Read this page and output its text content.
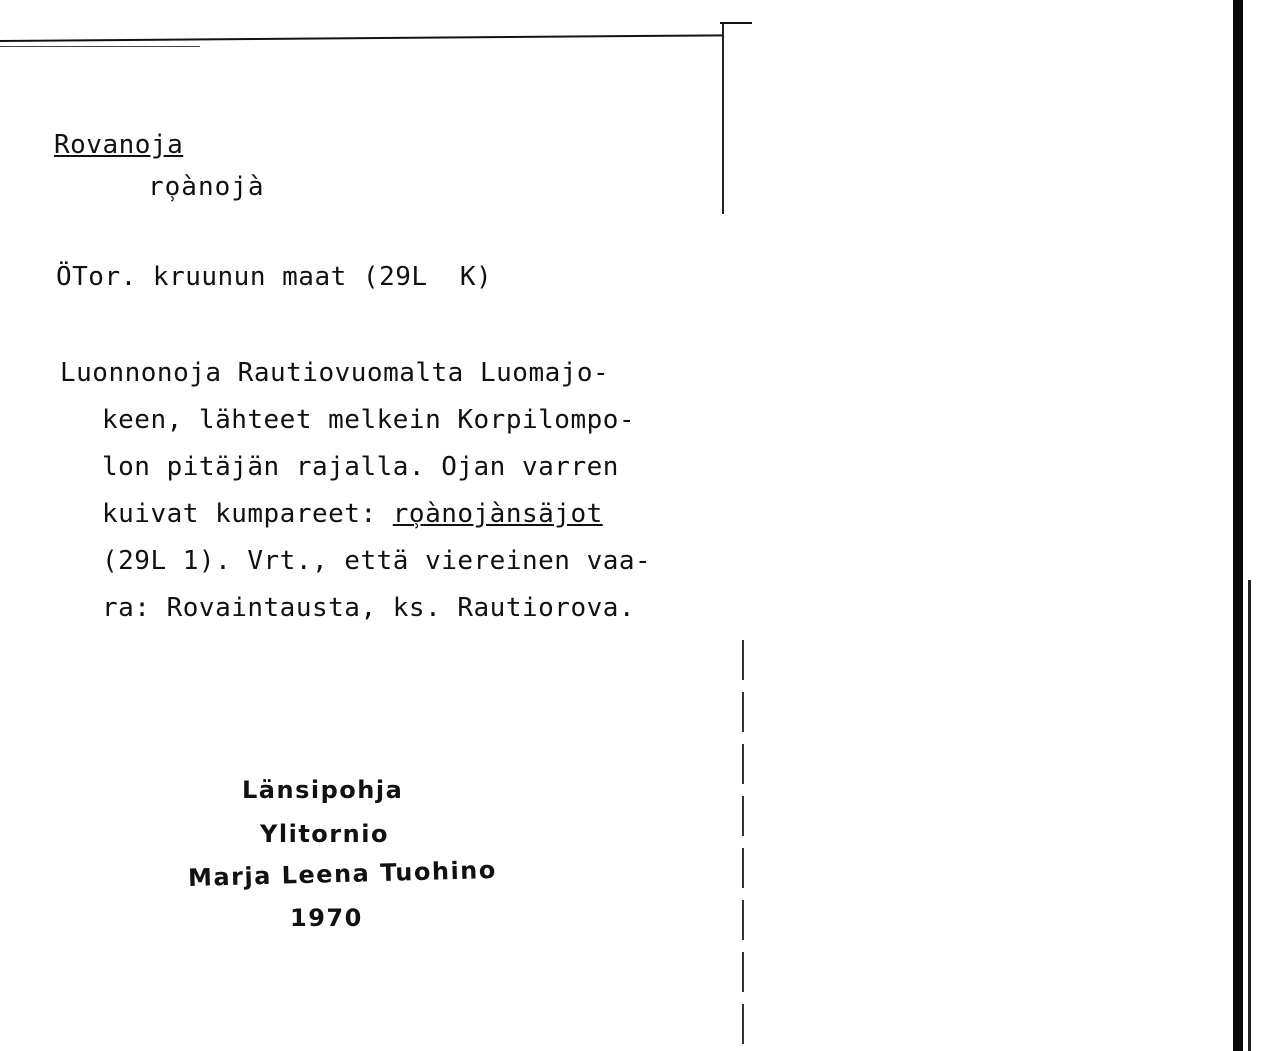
Rovanoja
ro̹ànojà
ÖTor. kruunun maat (29L  K)
Luonnonoja Rautiovuomalta Luomajo-
keen, lähteet melkein Korpilompo-
lon pitäjän rajalla. Ojan varren
kuivat kumpareet: ro̹ànojànsäjot
(29L 1). Vrt., että viereinen vaa-
ra: Rovaintausta, ks. Rautiorova.
Länsipohja
Ylitornio
Marja Leena Tuohino
1970
